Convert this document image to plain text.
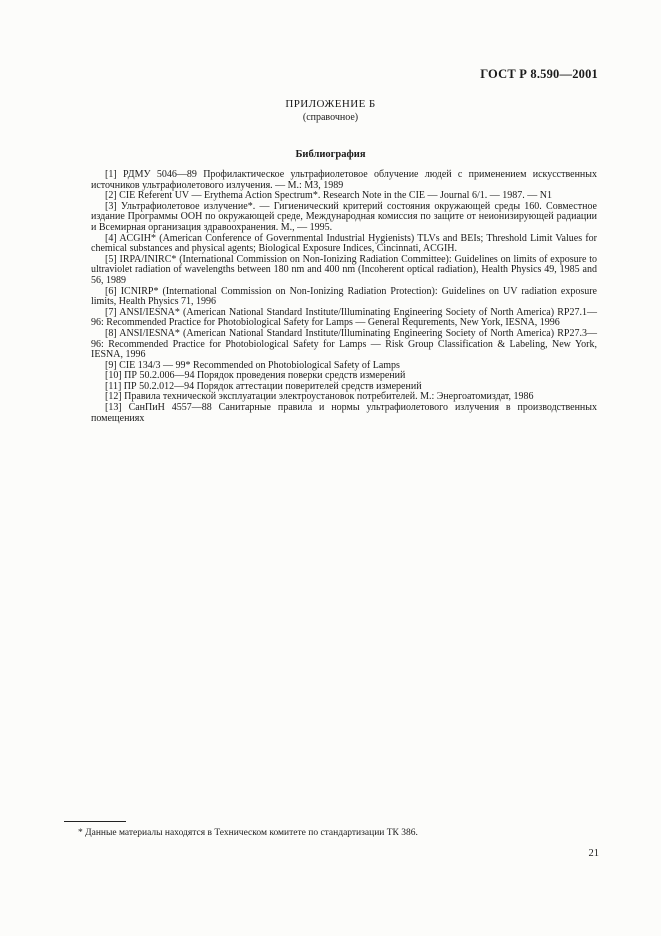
ГОСТ Р 8.590—2001
ПРИЛОЖЕНИЕ Б
(справочное)
Библиография

[1] РДМУ 5046—89 Профилактическое ультрафиолетовое облучение людей с применением искусственных источников ультрафиолетового излучения. — М.: МЗ, 1989

[2] CIE Referent UV — Erythema Action Spectrum*. Research Note in the CIE — Journal 6/1. — 1987. — N1

[3] Ультрафиолетовое излучение*. — Гигиенический критерий состояния окружающей среды 160. Совместное издание Программы ООН по окружающей среде, Международная комиссия по защите от неионизирующей радиации и Всемирная организация здравоохранения. М., — 1995.

[4] ACGIH* (American Conference of Governmental Industrial Hygienists) TLVs and BEIs; Threshold Limit Values for chemical substances and physical agents; Biological Exposure Indices, Cincinnati, ACGIH.

[5] IRPA/INIRC* (International Commission on Non-Ionizing Radiation Committee): Guidelines on limits of exposure to ultraviolet radiation of wavelengths between 180 nm and 400 nm (Incoherent optical radiation), Health Physics 49, 1985 and 56, 1989

[6] ICNIRP* (International Commission on Non-Ionizing Radiation Protection): Guidelines on UV radiation exposure limits, Health Physics 71, 1996

[7] ANSI/IESNA* (American National Standard Institute/Illuminating Engineering Society of North America) RP27.1—96: Recommended Practice for Photobiological Safety for Lamps — General Requrements, New York, IESNA, 1996

[8] ANSI/IESNA* (American National Standard Institute/Illuminating Engineering Society of North America) RP27.3—96: Recommended Practice for Photobiological Safety for Lamps — Risk Group Classification & Labeling, New York, IESNA, 1996

[9] CIE 134/3 — 99* Recommended on Photobiological Safety of Lamps

[10] ПР 50.2.006—94 Порядок проведения поверки средств измерений

[11] ПР 50.2.012—94 Порядок аттестации поверителей средств измерений

[12] Правила технической эксплуатации электроустановок потребителей. М.: Энергоатомиздат, 1986

[13] СанПиН 4557—88 Санитарные правила и нормы ультрафиолетового излучения в производственных помещениях

* Данные материалы находятся в Техническом комитете по стандартизации ТК 386.
21
